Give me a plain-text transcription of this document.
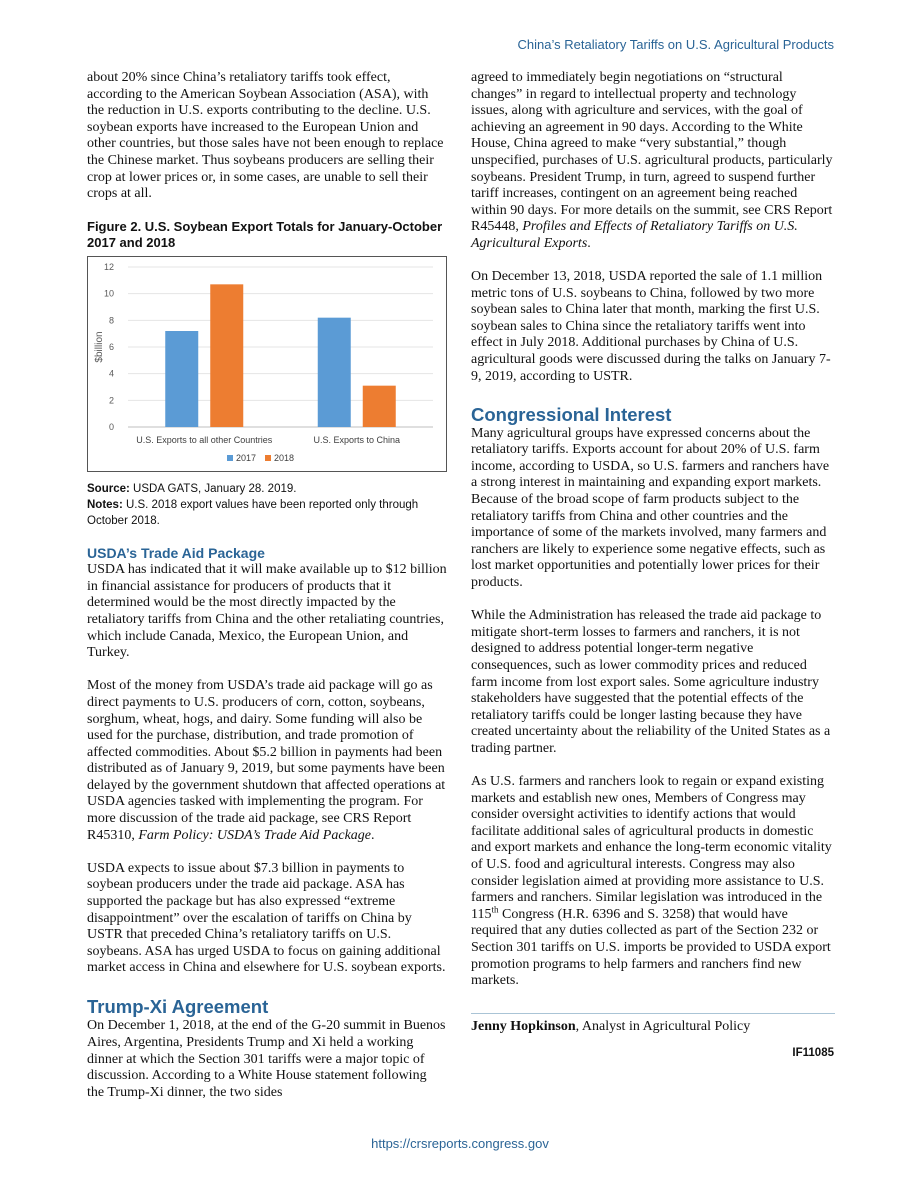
China’s Retaliatory Tariffs on U.S. Agricultural Products

about 20% since China’s retaliatory tariffs took effect, according to the American Soybean Association (ASA), with the reduction in U.S. exports contributing to the decline. U.S. soybean exports have increased to the European Union and other countries, but those sales have not been enough to replace the Chinese market. Thus soybeans producers are selling their crop at lower prices or, in some cases, are unable to sell their crops at all.

Figure 2. U.S. Soybean Export Totals for January-October 2017 and 2018

0
2
4
6
8
10
12
$billion
U.S. Exports to all other Countries	U.S. Exports to China
2017 2018

Source: USDA GATS, January 28. 2019.

Notes: U.S. 2018 export values have been reported only through October 2018.

USDA’s Trade Aid Package

USDA has indicated that it will make available up to $12 billion in financial assistance for producers of products that it determined would be the most directly impacted by the retaliatory tariffs from China and the other retaliating countries, which include Canada, Mexico, the European Union, and Turkey.

Most of the money from USDA’s trade aid package will go as direct payments to U.S. producers of corn, cotton, soybeans, sorghum, wheat, hogs, and dairy. Some funding will also be used for the purchase, distribution, and trade promotion of affected commodities. About $5.2 billion in payments had been distributed as of January 9, 2019, but some payments have been delayed by the government shutdown that affected operations at USDA agencies tasked with implementing the program. For more discussion of the trade aid package, see CRS Report R45310, Farm Policy: USDA’s Trade Aid Package.

USDA expects to issue about $7.3 billion in payments to soybean producers under the trade aid package. ASA has supported the package but has also expressed “extreme disappointment” over the escalation of tariffs on China by USTR that preceded China’s retaliatory tariffs on U.S. soybeans. ASA has urged USDA to focus on gaining additional market access in China and elsewhere for U.S. soybean exports.

Trump-Xi Agreement

On December 1, 2018, at the end of the G-20 summit in Buenos Aires, Argentina, Presidents Trump and Xi held a working dinner at which the Section 301 tariffs were a major topic of discussion. According to a White House statement following the Trump-Xi dinner, the two sides

agreed to immediately begin negotiations on “structural changes” in regard to intellectual property and technology issues, along with agriculture and services, with the goal of achieving an agreement in 90 days. According to the White House, China agreed to make “very substantial,” though unspecified, purchases of U.S. agricultural products, particularly soybeans. President Trump, in turn, agreed to suspend further tariff increases, contingent on an agreement being reached within 90 days. For more details on the summit, see CRS Report R45448, Profiles and Effects of Retaliatory Tariffs on U.S. Agricultural Exports.

On December 13, 2018, USDA reported the sale of 1.1 million metric tons of U.S. soybeans to China, followed by two more soybean sales to China later that month, marking the first U.S. soybean sales to China since the retaliatory tariffs went into effect in July 2018. Additional purchases by China of U.S. agricultural goods were discussed during the talks on January 7-9, 2019, according to USTR.

Congressional Interest

Many agricultural groups have expressed concerns about the retaliatory tariffs. Exports account for about 20% of U.S. farm income, according to USDA, so U.S. farmers and ranchers have a strong interest in maintaining and expanding export markets. Because of the broad scope of farm products subject to the retaliatory tariffs from China and other countries and the importance of some of the markets involved, many farmers and ranchers are likely to experience some negative effects, such as lost market opportunities and potentially lower prices for their products.

While the Administration has released the trade aid package to mitigate short-term losses to farmers and ranchers, it is not designed to address potential longer-term negative consequences, such as lower commodity prices and reduced farm income from lost export sales. Some agriculture industry stakeholders have suggested that the potential effects of the retaliatory tariffs could be longer lasting because they have created uncertainty about the reliability of the United States as a trading partner.

As U.S. farmers and ranchers look to regain or expand existing markets and establish new ones, Members of Congress may consider oversight activities to identify actions that would facilitate additional sales of agricultural products in domestic and export markets and enhance the long-term economic vitality of U.S. food and agricultural interests. Congress may also consider legislation aimed at providing more assistance to U.S. farmers and ranchers. Similar legislation was introduced in the 115th Congress (H.R. 6396 and S. 3258) that would have required that any duties collected as part of the Section 232 or Section 301 tariffs on U.S. imports be provided to USDA export promotion programs to help farmers and ranchers find new markets.

Jenny Hopkinson, Analyst in Agricultural Policy
IF11085
https://crsreports.congress.gov
